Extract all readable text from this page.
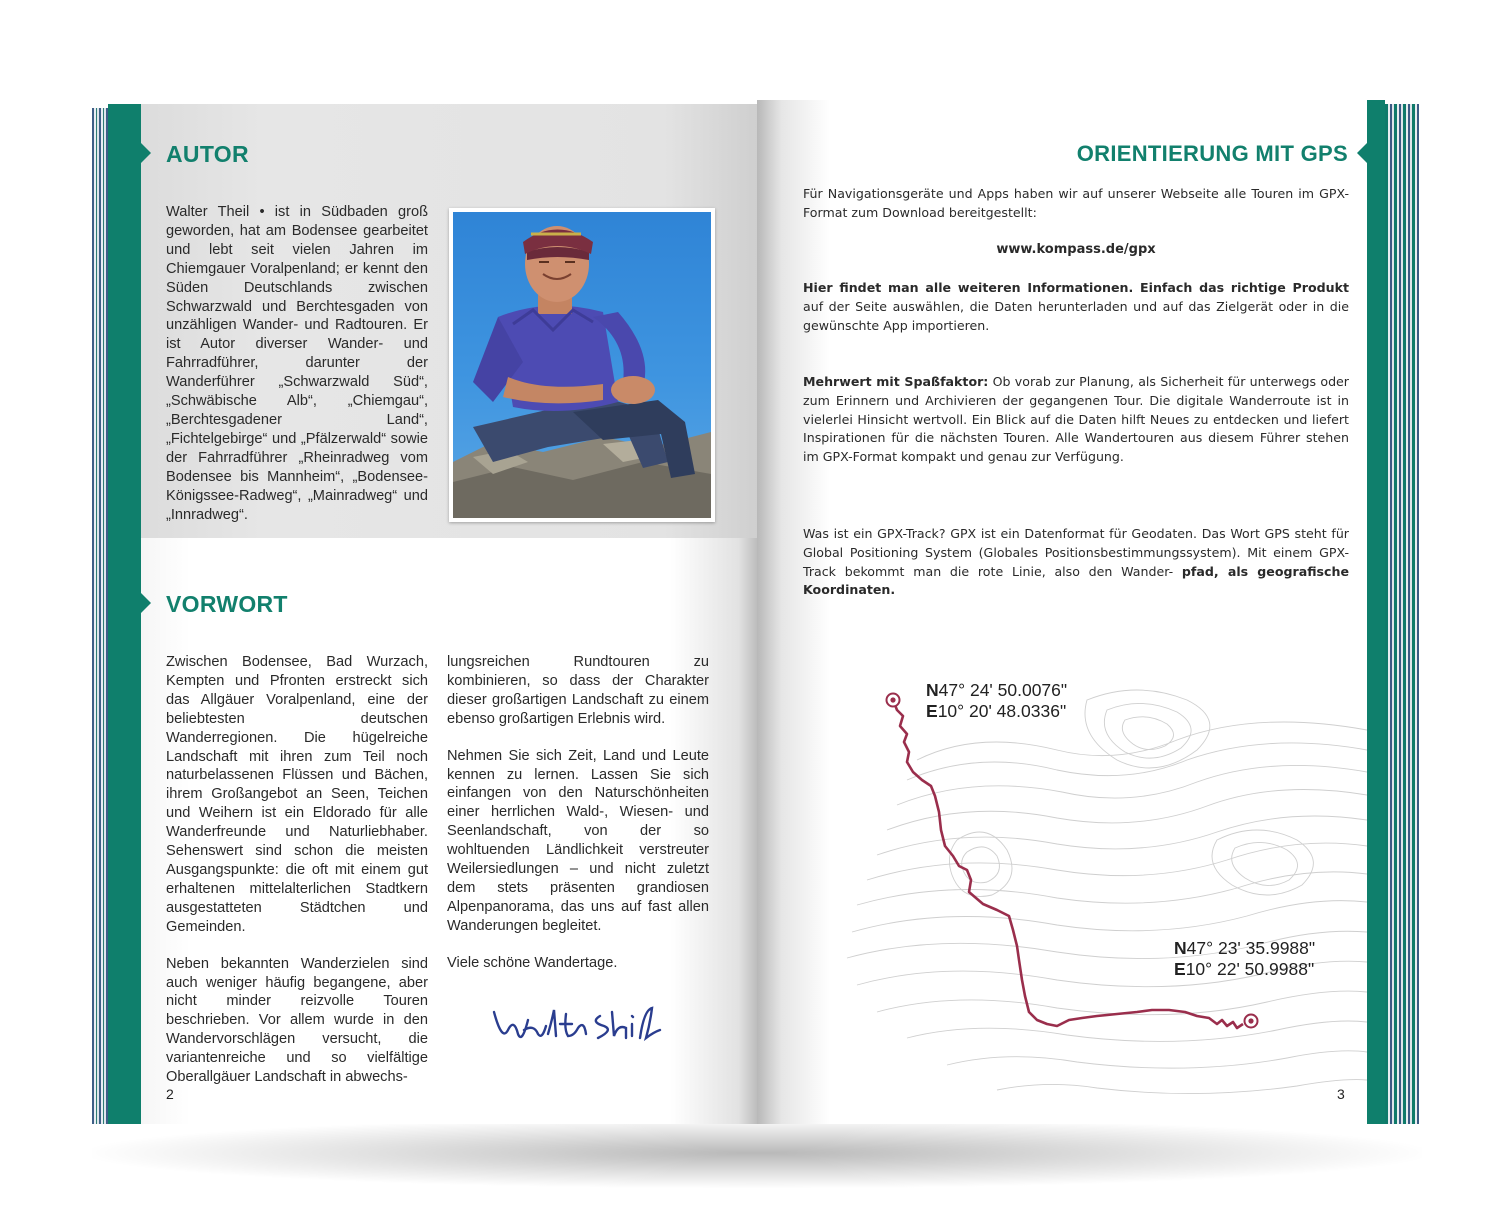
AUTOR
Walter Theil • ist in Südbaden groß geworden, hat am Bodensee gearbeitet und lebt seit vielen Jahren im Chiemgauer Voralpenland; er kennt den Süden Deutschlands zwischen Schwarzwald und Berchtesgaden von unzähligen Wander- und Radtouren. Er ist Autor diverser Wander- und Fahrradführer, darunter der Wanderführer „Schwarzwald Süd“, „Schwäbische Alb“, „Chiemgau“, „Berchtesgadener Land“, „Fichtelgebirge“ und „Pfälzerwald“ sowie der Fahrradführer „Rheinradweg vom Bodensee bis Mannheim“, „Bodensee-Königssee-Radweg“, „Mainradweg“ und „Innradweg“.
VORWORT
Zwischen Bodensee, Bad Wurzach, Kempten und Pfronten erstreckt sich das Allgäuer Voralpenland, eine der beliebtesten deutschen Wanderregionen. Die hügelreiche Landschaft mit ihren zum Teil noch naturbelassenen Flüssen und Bächen, ihrem Großangebot an Seen, Teichen und Weihern ist ein Eldorado für alle Wanderfreunde und Naturliebhaber. Sehenswert sind schon die meisten Ausgangspunkte: die oft mit einem gut erhaltenen mittelalterlichen Stadtkern ausgestatteten Städtchen und Gemeinden.
Neben bekannten Wanderzielen sind auch weniger häufig begangene, aber nicht minder reizvolle Touren beschrieben. Vor allem wurde in den Wandervorschlägen versucht, die variantenreiche und so vielfältige Oberallgäuer Landschaft in abwechs-
lungsreichen Rundtouren zu kombinieren, so dass der Charakter dieser großartigen Landschaft zu einem ebenso großartigen Erlebnis wird.
Nehmen Sie sich Zeit, Land und Leute kennen zu lernen. Lassen Sie sich einfangen von den Naturschönheiten einer herrlichen Wald-, Wiesen- und Seenlandschaft, von der so wohltuenden Ländlichkeit verstreuter Weilersiedlungen – und nicht zuletzt dem stets präsenten grandiosen Alpenpanorama, das uns auf fast allen Wanderungen begleitet.
Viele schöne Wandertage.
2
ORIENTIERUNG MIT GPS
Für Navigationsgeräte und Apps haben wir auf unserer Webseite alle Touren im GPX-Format zum Download bereitgestellt:
www.kompass.de/gpx
Hier findet man alle weiteren Informationen. Einfach das richtige Produkt auf der Seite auswählen, die Daten herunterladen und auf das Zielgerät oder in die gewünschte App importieren.
Mehrwert mit Spaßfaktor: Ob vorab zur Planung, als Sicherheit für unterwegs oder zum Erinnern und Archivieren der gegangenen Tour. Die digitale Wanderroute ist in vielerlei Hinsicht wertvoll. Ein Blick auf die Daten hilft Neues zu entdecken und liefert Inspirationen für die nächsten Touren. Alle Wandertouren aus diesem Führer stehen im GPX-Format kompakt und genau zur Verfügung.
Was ist ein GPX-Track? GPX ist ein Datenformat für Geodaten. Das Wort GPS steht für Global Positioning System (Globales Positionsbestimmungssystem). Mit einem GPX-Track bekommt man die rote Linie, also den Wander- pfad, als geografische Koordinaten.
N47° 24' 50.0076"
E10° 20' 48.0336"
N47° 23' 35.9988"
E10° 22' 50.9988"
3
